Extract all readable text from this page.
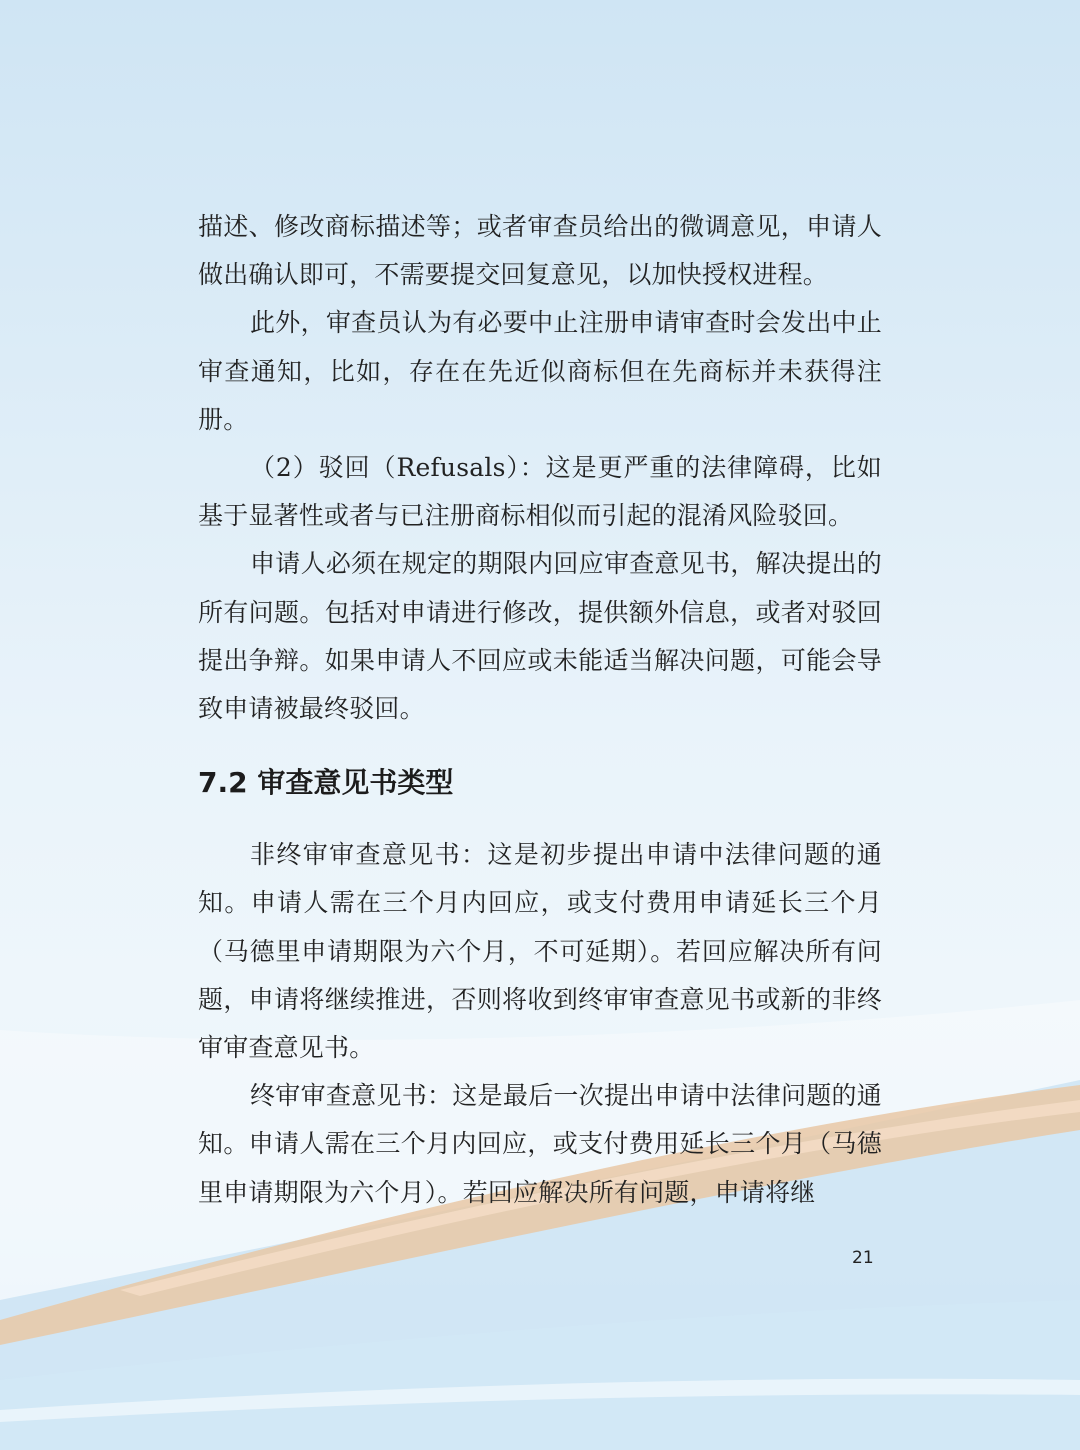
描述、修改商标描述等；或者审查员给出的微调意见，申请人做出确认即可，不需要提交回复意见，以加快授权进程。

此外，审查员认为有必要中止注册申请审查时会发出中止审查通知，比如，存在在先近似商标但在先商标并未获得注册。

（2）驳回（Refusals）：这是更严重的法律障碍，比如基于显著性或者与已注册商标相似而引起的混淆风险驳回。

申请人必须在规定的期限内回应审查意见书，解决提出的所有问题。包括对申请进行修改，提供额外信息，或者对驳回提出争辩。如果申请人不回应或未能适当解决问题，可能会导致申请被最终驳回。

7.2 审查意见书类型

非终审审查意见书：这是初步提出申请中法律问题的通知。申请人需在三个月内回应，或支付费用申请延长三个月（马德里申请期限为六个月，不可延期）。若回应解决所有问题，申请将继续推进，否则将收到终审审查意见书或新的非终审审查意见书。

终审审查意见书：这是最后一次提出申请中法律问题的通知。申请人需在三个月内回应，或支付费用延长三个月（马德里申请期限为六个月）。若回应解决所有问题，申请将继

21
